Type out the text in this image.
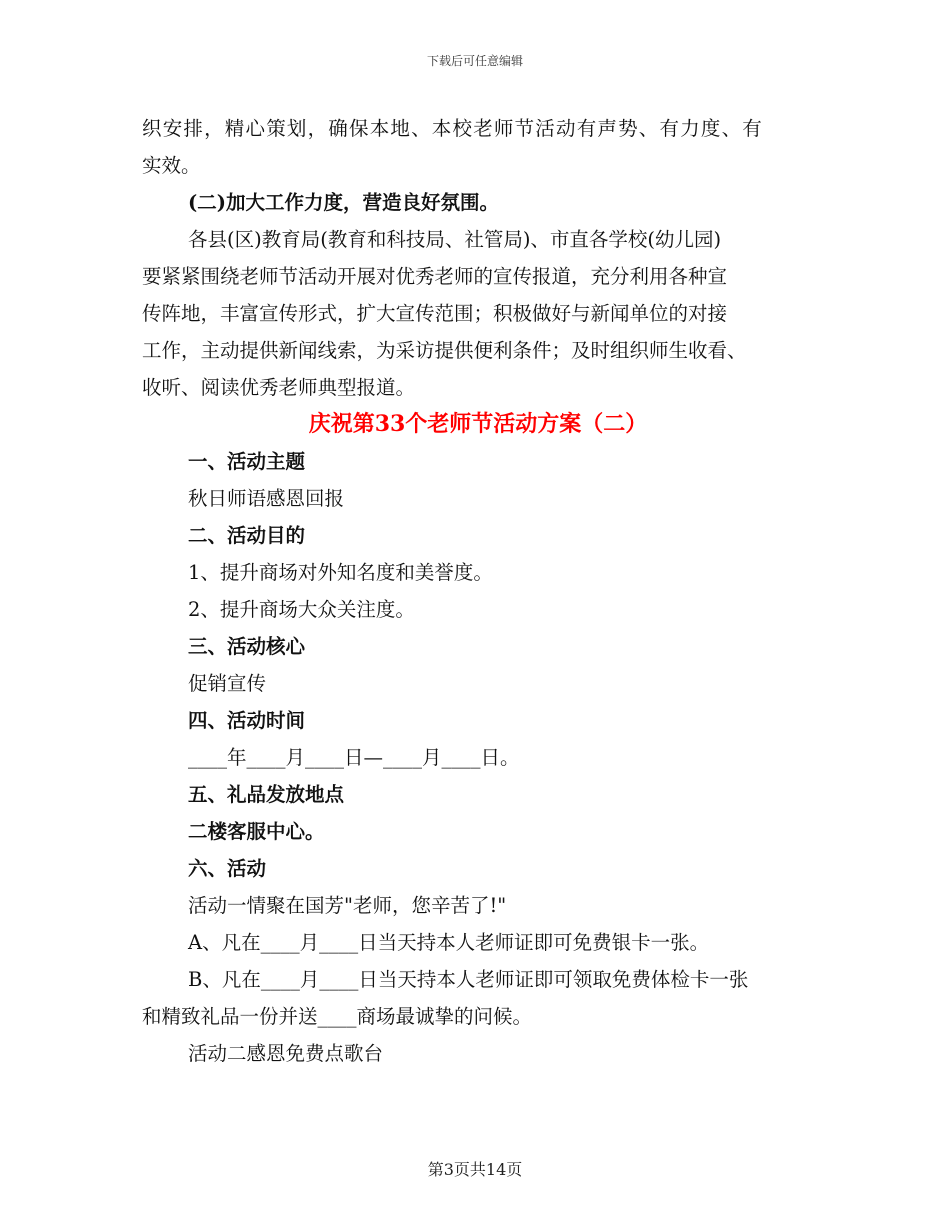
下载后可任意编辑
织安排，精心策划，确保本地、本校老师节活动有声势、有力度、有
实效。
(二)加大工作力度，营造良好氛围。
各县(区)教育局(教育和科技局、社管局)、市直各学校(幼儿园)
要紧紧围绕老师节活动开展对优秀老师的宣传报道，充分利用各种宣
传阵地，丰富宣传形式，扩大宣传范围；积极做好与新闻单位的对接
工作，主动提供新闻线索，为采访提供便利条件；及时组织师生收看、
收听、阅读优秀老师典型报道。
庆祝第33个老师节活动方案（二）
一、活动主题
秋日师语感恩回报
二、活动目的
1、提升商场对外知名度和美誉度。
2、提升商场大众关注度。
三、活动核心
促销宣传
四、活动时间
____年____月____日—____月____日。
五、礼品发放地点
二楼客服中心。
六、活动
活动一情聚在国芳"老师，您辛苦了!"
A、凡在____月____日当天持本人老师证即可免费银卡一张。
B、凡在____月____日当天持本人老师证即可领取免费体检卡一张
和精致礼品一份并送____商场最诚挚的问候。
活动二感恩免费点歌台
第3页共14页
